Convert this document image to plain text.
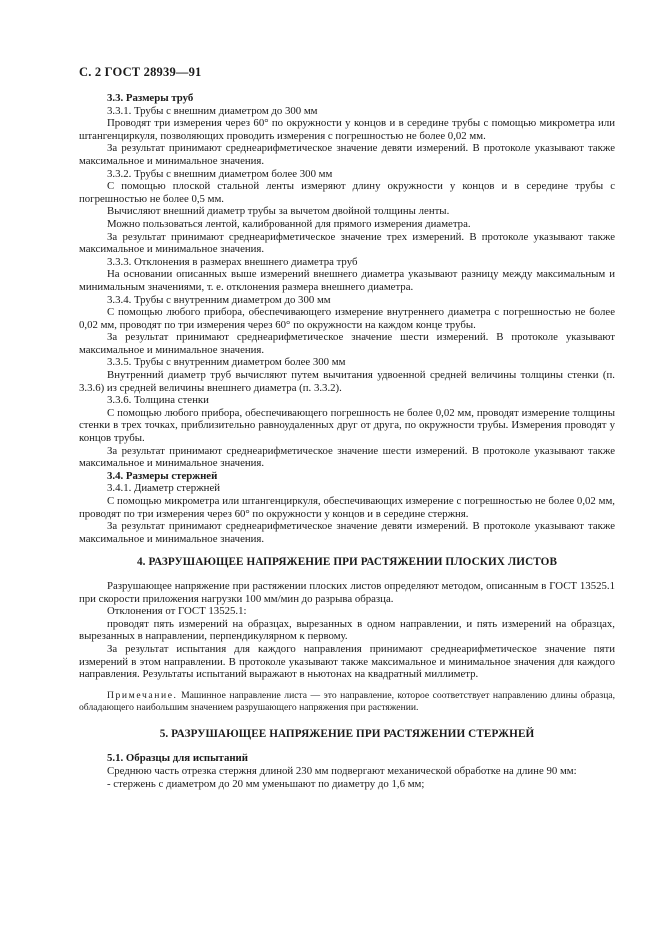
С. 2 ГОСТ 28939—91

3.3. Размеры труб

3.3.1. Трубы с внешним диаметром до 300 мм

Проводят три измерения через 60° по окружности у концов и в середине трубы с помощью микрометра или штангенциркуля, позволяющих проводить измерения с погрешностью не более 0,02 мм.

За результат принимают среднеарифметическое значение девяти измерений. В протоколе указывают также максимальное и минимальное значения.

3.3.2. Трубы с внешним диаметром более 300 мм

С помощью плоской стальной ленты измеряют длину окружности у концов и в середине трубы с погрешностью не более 0,5 мм.

Вычисляют внешний диаметр трубы за вычетом двойной толщины ленты.

Можно пользоваться лентой, калиброванной для прямого измерения диаметра.

За результат принимают среднеарифметическое значение трех измерений. В протоколе указывают также максимальное и минимальное значения.

3.3.3. Отклонения в размерах внешнего диаметра труб

На основании описанных выше измерений внешнего диаметра указывают разницу между максимальным и минимальным значениями, т. е. отклонения размера внешнего диаметра.

3.3.4. Трубы с внутренним диаметром до 300 мм

С помощью любого прибора, обеспечивающего измерение внутреннего диаметра с погрешностью не более 0,02 мм, проводят по три измерения через 60° по окружности на каждом конце трубы.

За результат принимают среднеарифметическое значение шести измерений. В протоколе указывают максимальное и минимальное значения.

3.3.5. Трубы с внутренним диаметром более 300 мм

Внутренний диаметр труб вычисляют путем вычитания удвоенной средней величины толщины стенки (п. 3.3.6) из средней величины внешнего диаметра (п. 3.3.2).

3.3.6. Толщина стенки

С помощью любого прибора, обеспечивающего погрешность не более 0,02 мм, проводят измерение толщины стенки в трех точках, приблизительно равноудаленных друг от друга, по окружности трубы. Измерения проводят у концов трубы.

За результат принимают среднеарифметическое значение шести измерений. В протоколе указывают также максимальное и минимальное значения.

3.4. Размеры стержней

3.4.1. Диаметр стержней

С помощью микрометра или штангенциркуля, обеспечивающих измерение с погрешностью не более 0,02 мм, проводят по три измерения через 60° по окружности у концов и в середине стержня.

За результат принимают среднеарифметическое значение девяти измерений. В протоколе указывают также максимальное и минимальное значения.

4. РАЗРУШАЮЩЕЕ НАПРЯЖЕНИЕ ПРИ РАСТЯЖЕНИИ ПЛОСКИХ ЛИСТОВ

Разрушающее напряжение при растяжении плоских листов определяют методом, описанным в ГОСТ 13525.1 при скорости приложения нагрузки 100 мм/мин до разрыва образца.

Отклонения от ГОСТ 13525.1:

проводят пять измерений на образцах, вырезанных в одном направлении, и пять измерений на образцах, вырезанных в направлении, перпендикулярном к первому.

За результат испытания для каждого направления принимают среднеарифметическое значение пяти измерений в этом направлении. В протоколе указывают также максимальное и минимальное значения для каждого направления. Результаты испытаний выражают в ньютонах на квадратный миллиметр.

Примечание. Машинное направление листа — это направление, которое соответствует направлению длины образца, обладающего наибольшим значением разрушающего напряжения при растяжении.

5. РАЗРУШАЮЩЕЕ НАПРЯЖЕНИЕ ПРИ РАСТЯЖЕНИИ СТЕРЖНЕЙ

5.1. Образцы для испытаний

Среднюю часть отрезка стержня длиной 230 мм подвергают механической обработке на длине 90 мм:

- стержень с диаметром до 20 мм уменьшают по диаметру до 1,6 мм;
